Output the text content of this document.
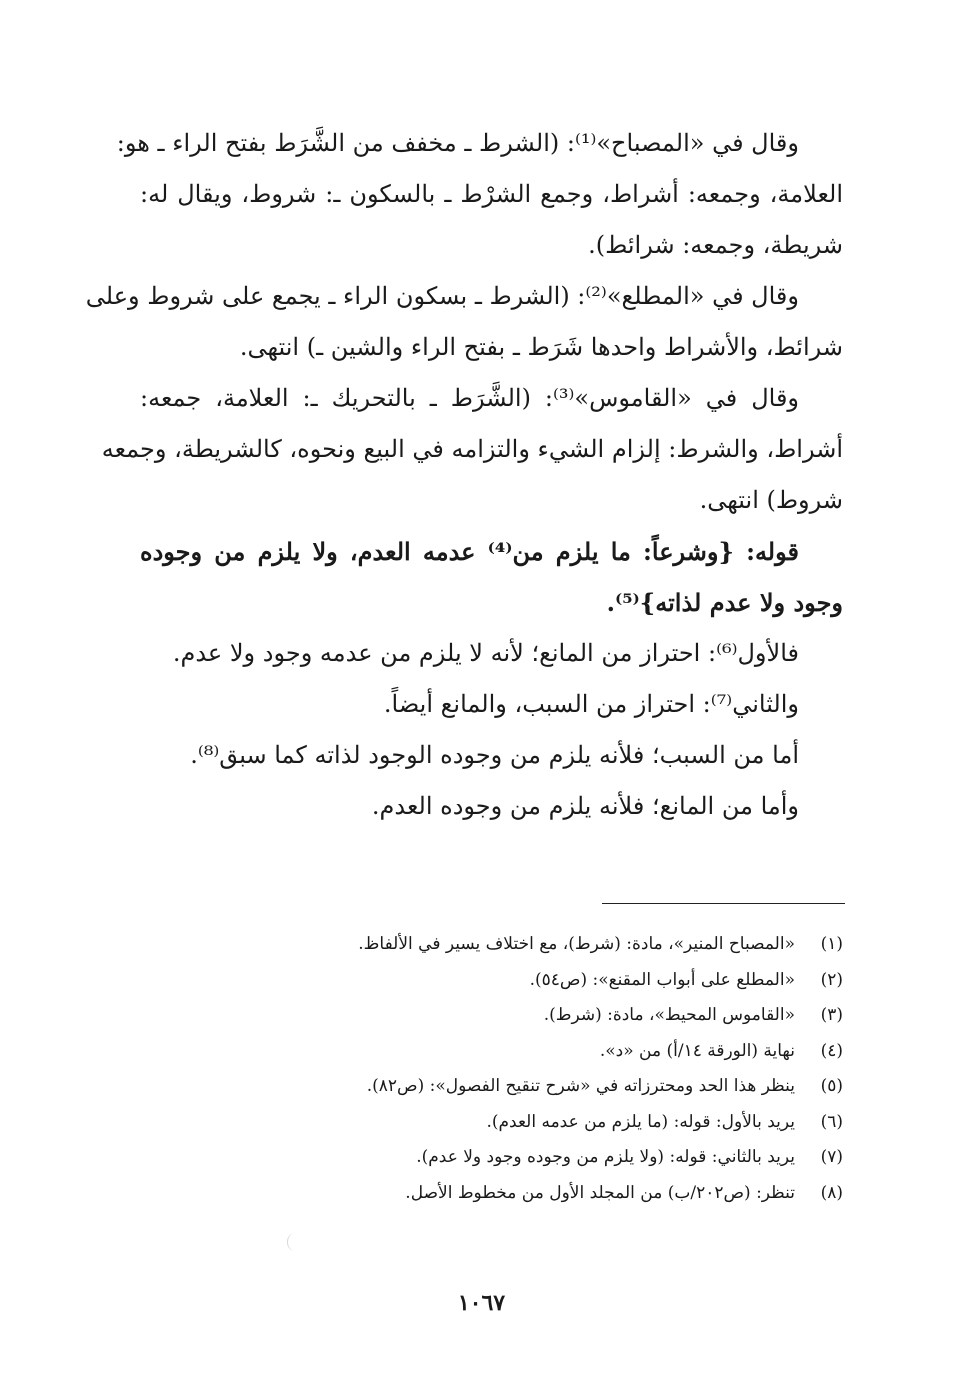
وقال في «المصباح»⁽¹⁾: (الشرط ـ مخفف من الشَّرَط بفتح الراء ـ هو:
العلامة، وجمعه: أشراط، وجمع الشرْط ـ بالسكون ـ: شروط، ويقال له:
شريطة، وجمعه: شرائط).
وقال في «المطلع»⁽²⁾: (الشرط ـ بسكون الراء ـ يجمع على شروط وعلى
شرائط، والأشراط واحدها شَرَط ـ بفتح الراء والشين ـ) انتهى.
وقال في «القاموس»⁽³⁾: (الشَّرَط ـ بالتحريك ـ: العلامة، جمعه:
أشراط، والشرط: إلزام الشيء والتزامه في البيع ونحوه، كالشريطة، وجمعه
شروط) انتهى.
قوله: {وشرعاً: ما يلزم من⁽⁴⁾ عدمه العدم، ولا يلزم من وجوده
وجود ولا عدم لذاته}⁽⁵⁾.
فالأول⁽⁶⁾: احتراز من المانع؛ لأنه لا يلزم من عدمه وجود ولا عدم.
والثاني⁽⁷⁾: احتراز من السبب، والمانع أيضاً.
أما من السبب؛ فلأنه يلزم من وجوده الوجود لذاته كما سبق⁽⁸⁾.
وأما من المانع؛ فلأنه يلزم من وجوده العدم.
(١)
«المصباح المنير»، مادة: (شرط)، مع اختلاف يسير في الألفاظ.
(٢)
«المطلع على أبواب المقنع»: (ص٥٤).
(٣)
«القاموس المحيط»، مادة: (شرط).
(٤)
نهاية (الورقة ١٤/أ) من «د».
(٥)
ينظر هذا الحد ومحترزاته في «شرح تنقيح الفصول»: (ص٨٢).
(٦)
يريد بالأول: قوله: (ما يلزم من عدمه العدم).
(٧)
يريد بالثاني: قوله: (ولا يلزم من وجوده وجود ولا عدم).
(٨)
تنظر: (ص٢٠٢/ب) من المجلد الأول من مخطوط الأصل.
١٠٦٧
